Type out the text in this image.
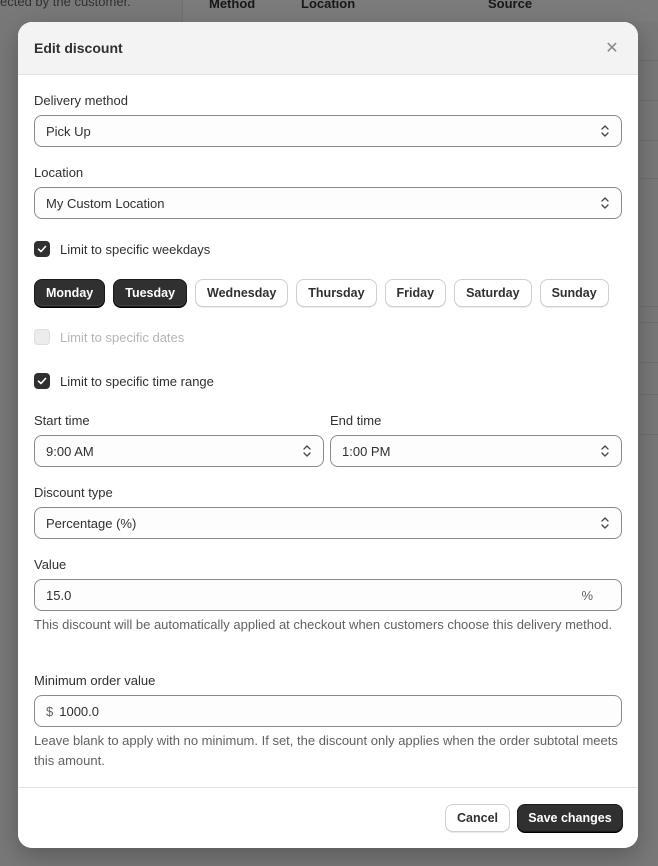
Edit discount	✕
Delivery method
Pick Up
Location
My Custom Location
Limit to specific weekdays
Monday	Tuesday	Wednesday	Thursday	Friday	Saturday	Sunday
Limit to specific dates
Limit to specific time range
Start time
9:00 AM
End time
1:00 PM
Discount type
Percentage (%)
Value
15.0	%
This discount will be automatically applied at checkout when customers choose this delivery method.
Minimum order value
$ 1000.0
Leave blank to apply with no minimum. If set, the discount only applies when the order subtotal meets this amount.
Cancel	Save changes
